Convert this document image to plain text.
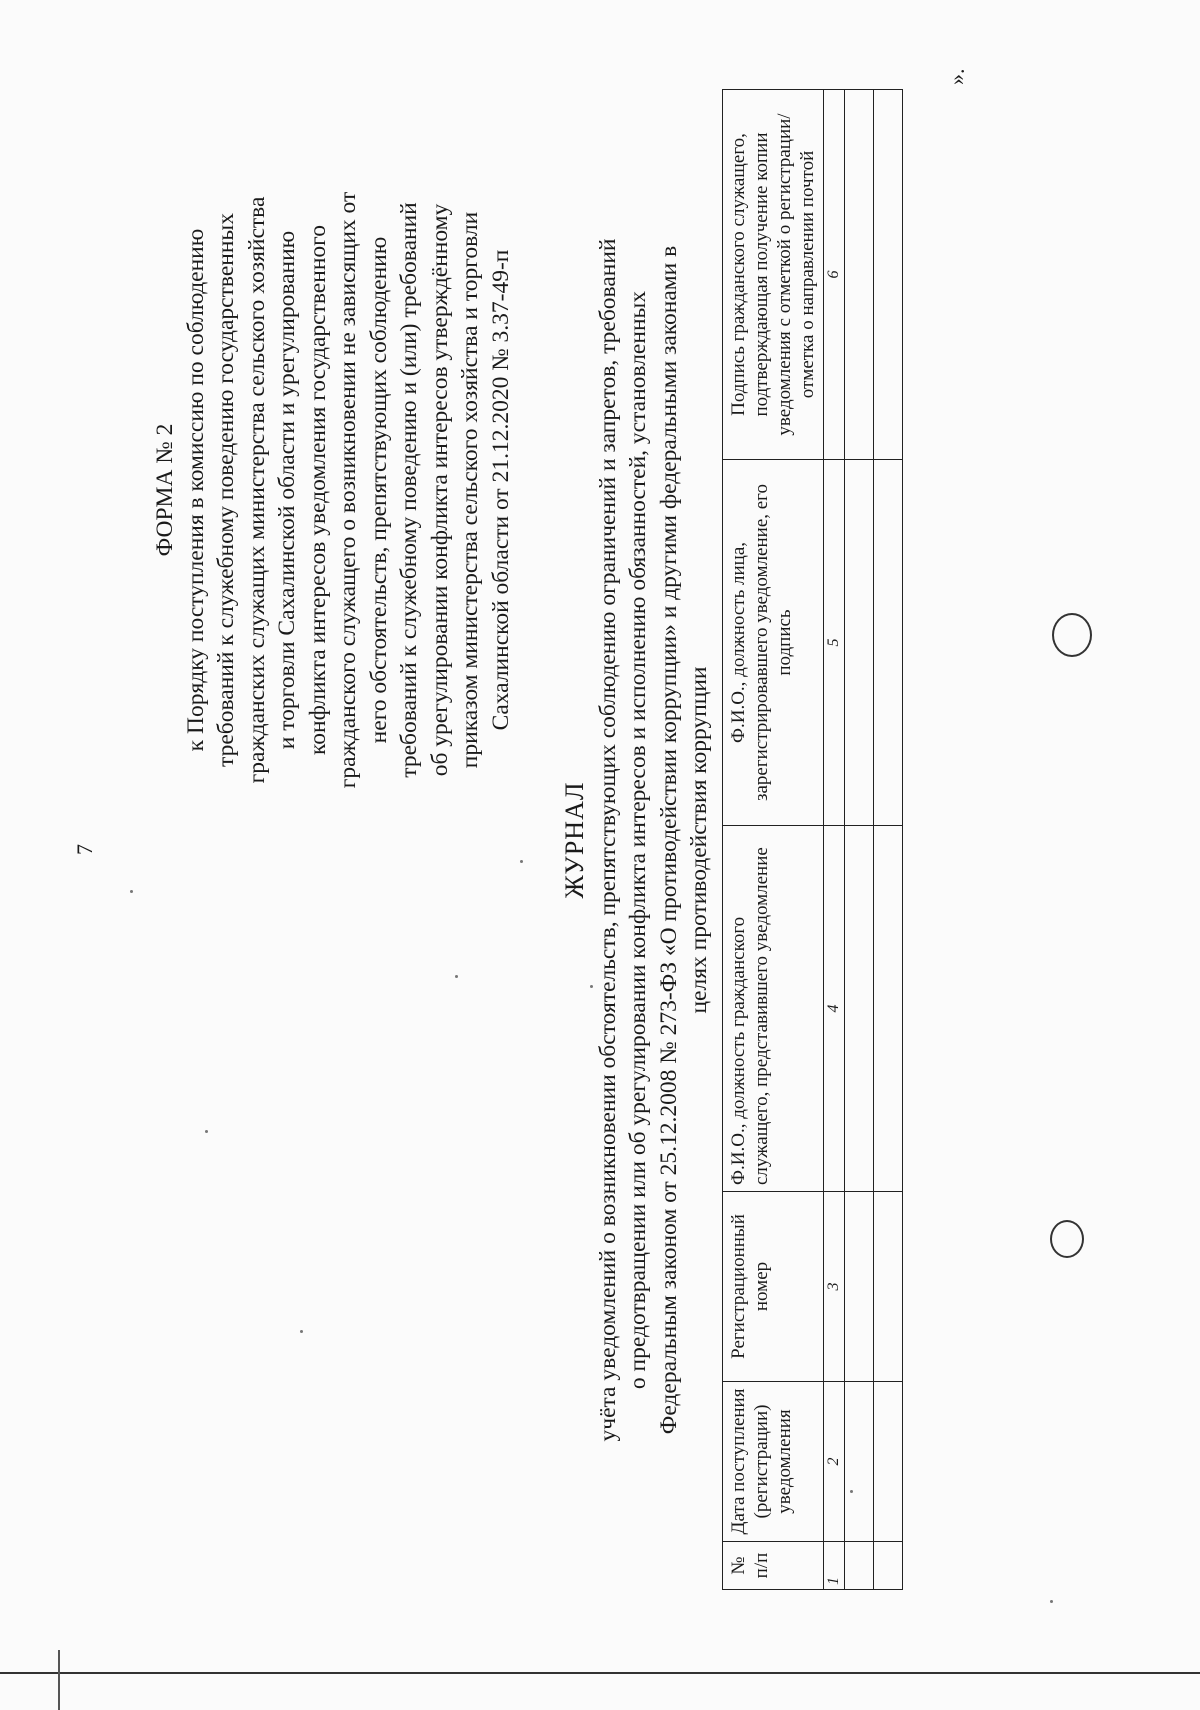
7
ФОРМА № 2 к Порядку поступления в комиссию по соблюдению требований к служебному поведению государственных гражданских служащих министерства сельского хозяйства и торговли Сахалинской области и урегулированию конфликта интересов уведомления государственного гражданского служащего о возникновении не зависящих от него обстоятельств, препятствующих соблюдению требований к служебному поведению и (или) требований об урегулировании конфликта интересов утверждённому приказом министерства сельского хозяйства и торговли Сахалинской области от 21.12.2020 № 3.37-49-п
ЖУРНАЛ учёта уведомлений о возникновении обстоятельств, препятствующих соблюдению ограничений и запретов, требований о предотвращении или об урегулировании конфликта интересов и исполнению обязанностей, установленных Федеральным законом от 25.12.2008 № 273-ФЗ «О противодействии коррупции» и другими федеральными законами в целях противодействия коррупции
№ п/п	Дата поступления (регистрации) уведомления	Регистрационный номер	Ф.И.О., должность гражданского служащего, представившего уведомление	Ф.И.О., должность лица, зарегистрировавшего уведомление, его подпись	Подпись гражданского служащего, подтверждающая получение копии уведомления с отметкой о регистрации/ отметка о направлении почтой
1	2	3	4	5	6

».
